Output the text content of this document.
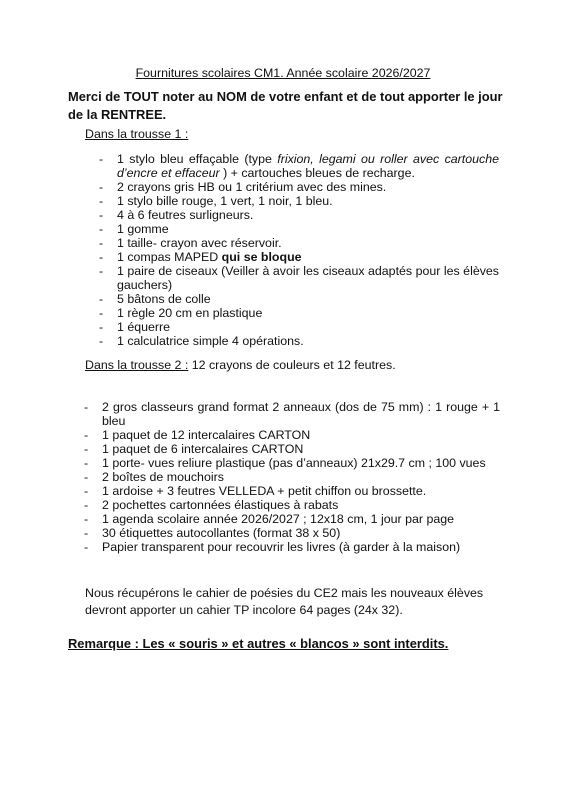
Fournitures scolaires CM1. Année scolaire 2026/2027
Merci de TOUT noter au NOM de votre enfant et de tout apporter le jour de la RENTREE.
Dans la trousse 1 :
- 1 stylo bleu effaçable (type frixion, legami ou roller avec cartouche d’encre et effaceur ) + cartouches bleues de recharge.
- 2 crayons gris HB ou 1 critérium avec des mines.
- 1 stylo bille rouge, 1 vert, 1 noir, 1 bleu.
- 4 à 6 feutres surligneurs.
- 1 gomme
- 1 taille- crayon avec réservoir.
- 1 compas MAPED qui se bloque
- 1 paire de ciseaux (Veiller à avoir les ciseaux adaptés pour les élèves gauchers)
- 5 bâtons de colle
- 1 règle 20 cm en plastique
- 1 équerre
- 1 calculatrice simple 4 opérations.
Dans la trousse 2 : 12 crayons de couleurs et 12 feutres.
- 2 gros classeurs grand format 2 anneaux (dos de 75 mm) : 1 rouge + 1 bleu
- 1 paquet de 12 intercalaires CARTON
- 1 paquet de 6 intercalaires CARTON
- 1 porte- vues reliure plastique (pas d’anneaux) 21x29.7 cm ; 100 vues
- 2 boîtes de mouchoirs
- 1 ardoise + 3 feutres VELLEDA + petit chiffon ou brossette.
- 2 pochettes cartonnées élastiques à rabats
- 1 agenda scolaire année 2026/2027 ; 12x18 cm, 1 jour par page
- 30 étiquettes autocollantes (format 38 x 50)
- Papier transparent pour recouvrir les livres (à garder à la maison)
Nous récupérons le cahier de poésies du CE2 mais les nouveaux élèves devront apporter un cahier TP incolore 64 pages (24x 32).
Remarque : Les « souris » et autres « blancos » sont interdits.
